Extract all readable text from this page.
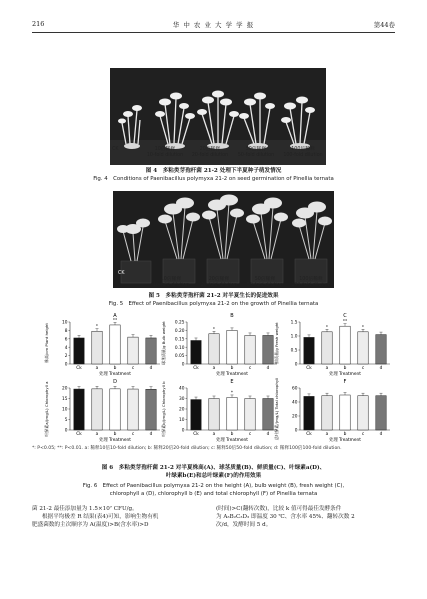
216	华 中 农 业 大 学 学 报	第44卷
CK	10倍稀释
10-fold dilution
20倍稀释
20-fold dilution
50倍稀释
50-fold dilution
100倍稀释
100-fold dilution
图 4　多粘类芽孢杆菌 21-2 处理下半夏种子萌发情况
Fig. 4　Conditions of Paenibacillus polymyxa 21-2 on seed germination of Pinellia ternata
CK
10倍稀释
10-fold dilution
20倍稀释
20-fold dilution
50倍稀释
50-fold dilution
100倍稀释
100-fold dilution
图 5　多粘类芽孢杆菌 21-2 对半夏生长的促进效果
Fig. 5　Effect of Paenibacillus polymyxa 21-2 on the growth of Pinellia ternata
A
0
2
4
6
8
10
株高/cm Plant height
Ck
*
a
**
b	c	d
处理 Treatment
B
0
0.05
0.10
0.15
0.20
0.25
球茎质量/g Bulb weight
Ck
*
a	b	c	d
处理 Treatment
C
0
0.5
1.0
1.5
鲜质量/g Fresh weight
Ck
*
a
**
b
*
c	d
处理 Treatment
D
0
5
10
15
20
叶绿素a/(mg/L) Chlorophyll a	Ck	a	b	c	d
处理 Treatment
E
0
10
20
30
40
叶绿素b/(mg/L) Chlorophyll b	Ck	a
*
b	c	d
处理 Treatment
F
0
20
40
60
总叶绿素/(mg/L) Total chlorophyll	Ck	a	b	c	d
处理 Treatment
*: P<0.05; **: P<0.01. a: 稀释10倍10-fold dilution; b: 稀释20倍20-fold dilution; c: 稀释50倍50-fold dilution; d: 稀释100倍100-fold dilution.
图 6　多粘类芽孢杆菌 21-2 对半夏株高(A)、球茎质量(B)、鲜质量(C)、叶绿素a(D)、
叶绿素b(E)和总叶绿素(F)的作用效果
Fig. 6　Effect of Paenibacillus polymyxa 21-2 on the height (A), bulb weight (B), fresh weight (C),
chlorophyll a (D), chlorophyll b (E) and total chlorophyll (F) of Pinellia ternata
菌 21-2 最佳添加量为 1.5×10⁷ CFU/g。
根据平均极差 R 结果(表4)可知，影响生物有机
肥盛菌数的主次顺序为 A(温度)>B(含水率)>D
(时间)>C(翻转次数)，比较 k 值可得最佳发酵条件
为 A₃B₂C₃D₃ 即温度 30 ℃、含水率 45%、翻转次数 2
次/d，发酵时间 5 d。
